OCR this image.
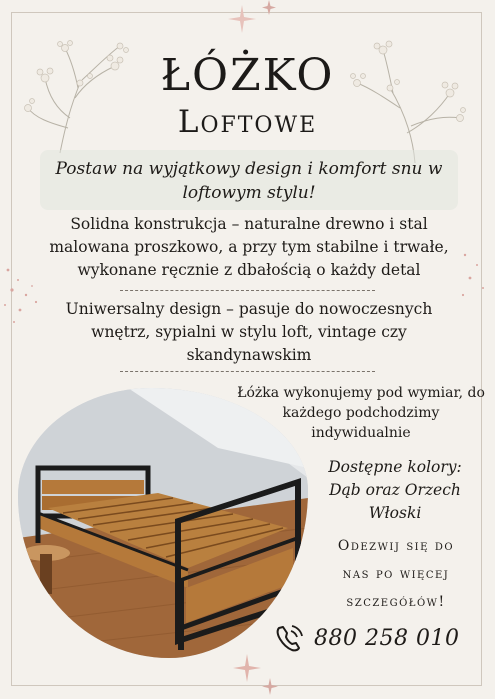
ŁÓŻKO
Loftowe
Postaw na wyjątkowy design i komfort snu w loftowym stylu!
Solidna konstrukcja – naturalne drewno i stal malowana proszkowo, a przy tym stabilne i trwałe, wykonane ręcznie z dbałością o każdy detal
Uniwersalny design – pasuje do nowoczesnych wnętrz, sypialni w stylu loft, vintage czy skandynawskim
Łóżka wykonujemy pod wymiar, do każdego podchodzimy indywidualnie
Dostępne kolory:
Dąb oraz Orzech
Włoski
Odezwij się do
nas po więcej
szczegółów!
880 258 010
